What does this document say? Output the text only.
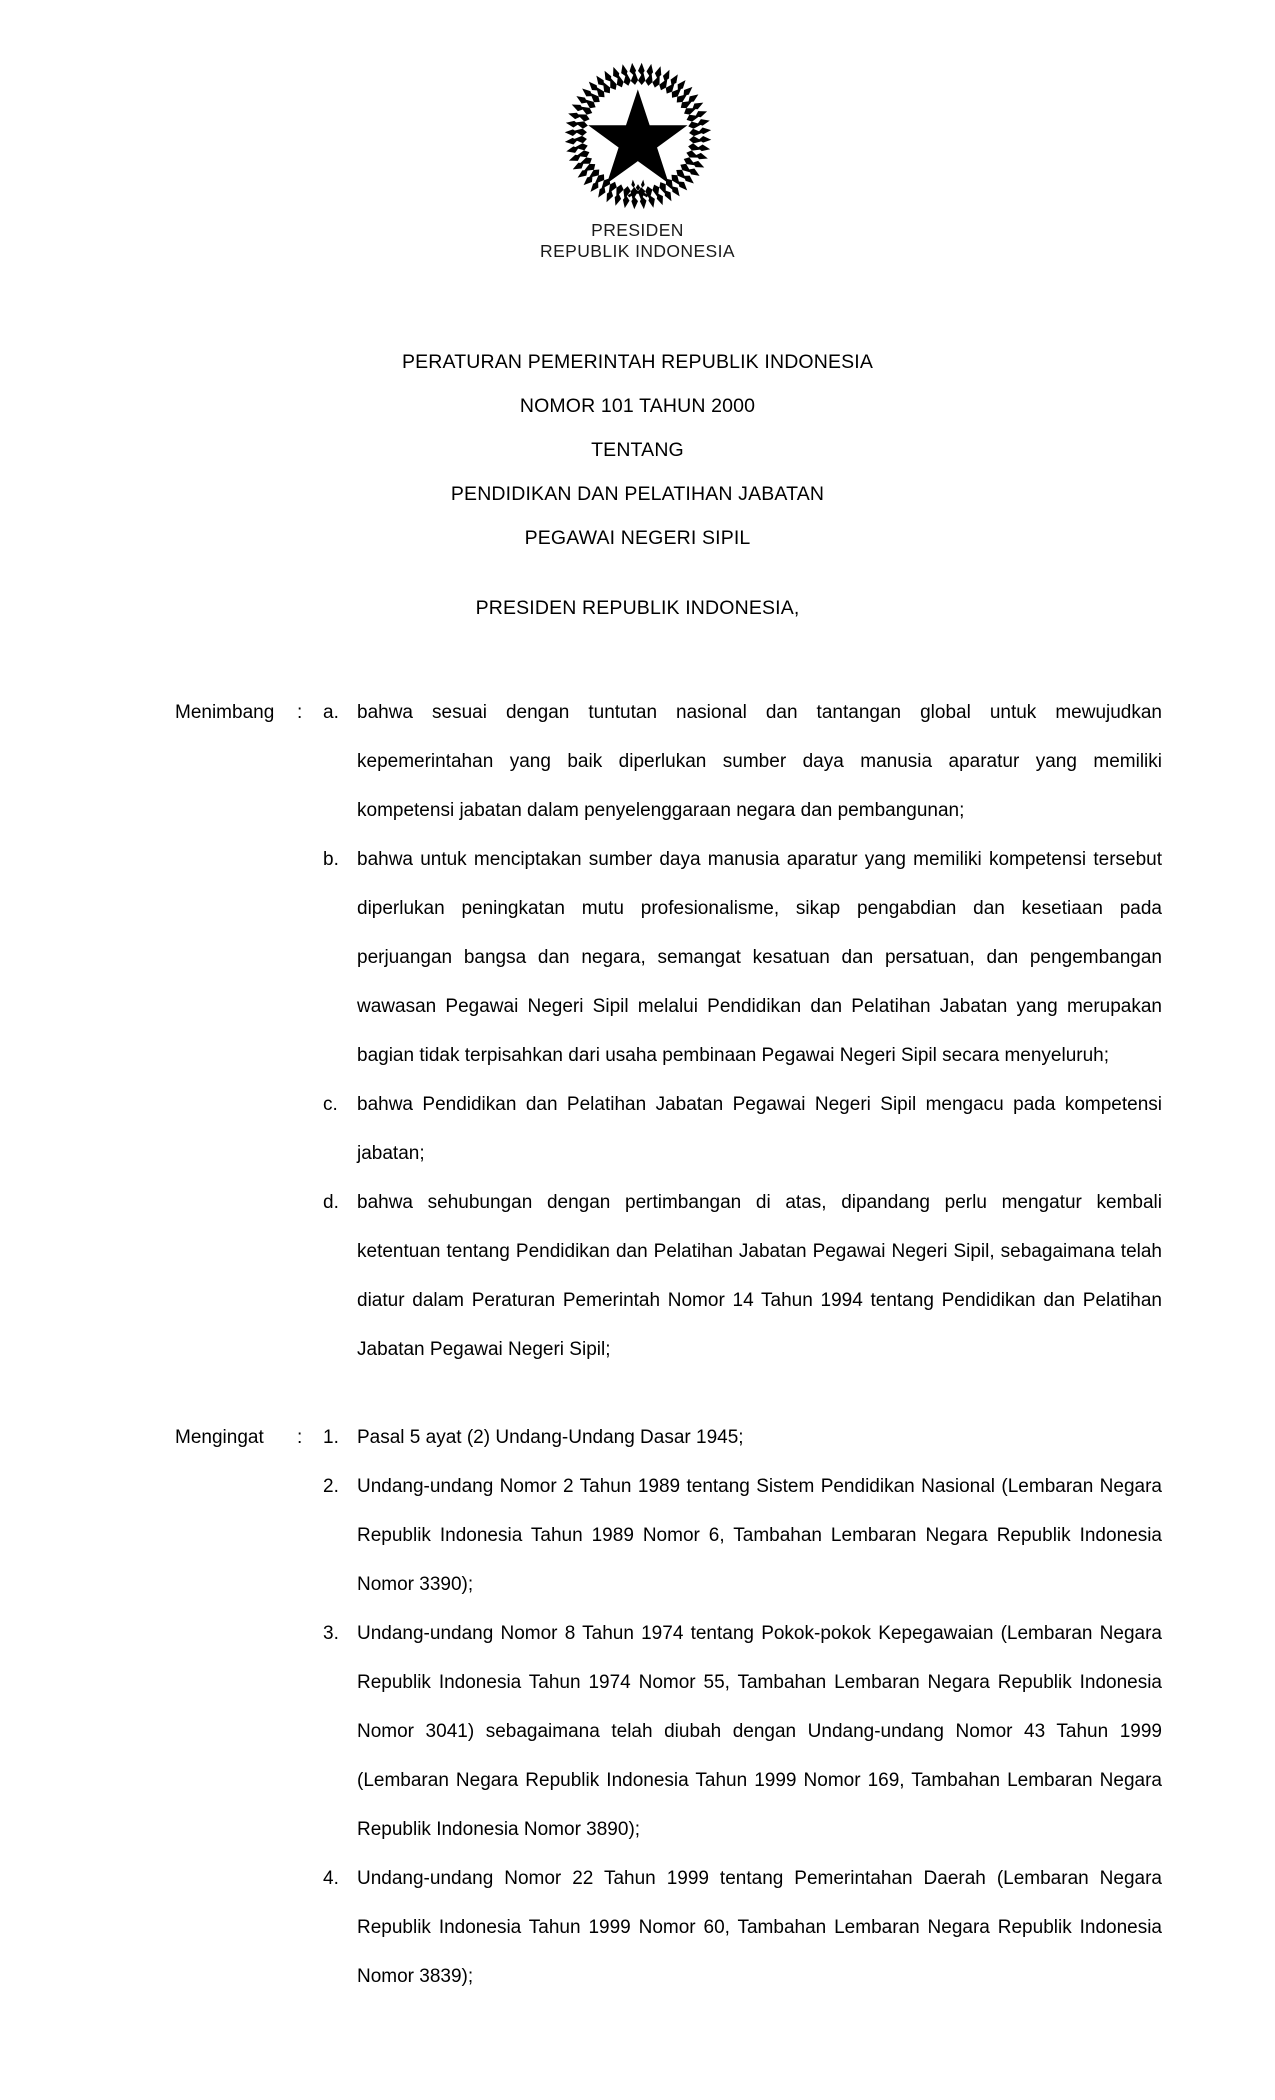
PRESIDEN
REPUBLIK INDONESIA
PERATURAN PEMERINTAH REPUBLIK INDONESIA
NOMOR 101 TAHUN 2000
TENTANG
PENDIDIKAN DAN PELATIHAN JABATAN
PEGAWAI NEGERI SIPIL
PRESIDEN REPUBLIK INDONESIA,
Menimbang	:	a. bahwa sesuai dengan tuntutan nasional dan tantangan global untuk mewujudkan kepemerintahan yang baik diperlukan sumber daya manusia aparatur yang memiliki kompetensi jabatan dalam penyelenggaraan negara dan pembangunan;
b. bahwa untuk menciptakan sumber daya manusia aparatur yang memiliki kompetensi tersebut diperlukan peningkatan mutu profesionalisme, sikap pengabdian dan kesetiaan pada perjuangan bangsa dan negara, semangat kesatuan dan persatuan, dan pengembangan wawasan Pegawai Negeri Sipil melalui Pendidikan dan Pelatihan Jabatan yang merupakan bagian tidak terpisahkan dari usaha pembinaan Pegawai Negeri Sipil secara menyeluruh;
c.	bahwa Pendidikan dan Pelatihan Jabatan Pegawai Negeri Sipil mengacu pada kompetensi jabatan;
d. bahwa sehubungan dengan pertimbangan di atas, dipandang perlu mengatur kembali ketentuan tentang Pendidikan dan Pelatihan Jabatan Pegawai Negeri Sipil, sebagaimana telah diatur dalam Peraturan Pemerintah Nomor 14 Tahun 1994 tentang Pendidikan dan Pelatihan Jabatan Pegawai Negeri Sipil;
Mengingat	:	1. Pasal 5 ayat (2) Undang-Undang Dasar 1945;
2. Undang-undang Nomor 2 Tahun 1989 tentang Sistem Pendidikan Nasional (Lembaran Negara Republik Indonesia Tahun 1989 Nomor 6, Tambahan Lembaran Negara Republik Indonesia Nomor 3390);
3. Undang-undang Nomor 8 Tahun 1974 tentang Pokok-pokok Kepegawaian (Lembaran Negara Republik Indonesia Tahun 1974 Nomor 55, Tambahan Lembaran Negara Republik Indonesia Nomor 3041) sebagaimana telah diubah dengan Undang-undang Nomor 43 Tahun 1999 (Lembaran Negara Republik Indonesia Tahun 1999 Nomor 169, Tambahan Lembaran Negara Republik Indonesia Nomor 3890);
4. Undang-undang Nomor 22 Tahun 1999 tentang Pemerintahan Daerah (Lembaran Negara Republik Indonesia Tahun 1999 Nomor 60, Tambahan Lembaran Negara Republik Indonesia Nomor 3839);
